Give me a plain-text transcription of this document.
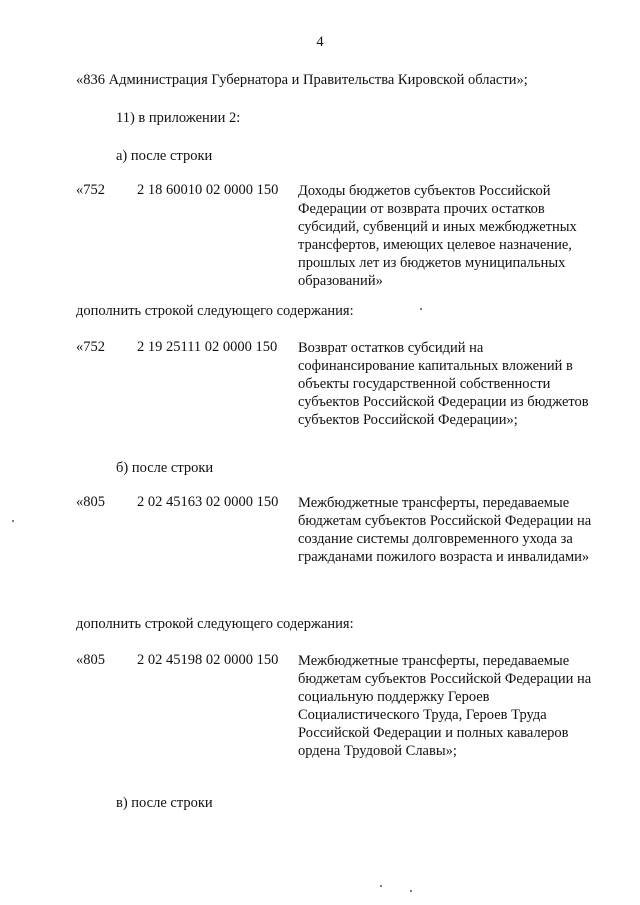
4
«836 Администрация Губернатора и Правительства Кировской области»;
11) в приложении 2:
а) после строки
«752 2 18 60010 02 0000 150 Доходы бюджетов субъектов Российской Федерации от возврата прочих остатков субсидий, субвенций и иных межбюджетных трансфертов, имеющих целевое назначение, прошлых лет из бюджетов муниципальных образований»
дополнить строкой следующего содержания:
«752 2 19 25111 02 0000 150 Возврат остатков субсидий на софинансирование капитальных вложений в объекты государственной собственности субъектов Российской Федерации из бюджетов субъектов Российской Федерации»;
б) после строки
«805 2 02 45163 02 0000 150 Межбюджетные трансферты, передаваемые бюджетам субъектов Российской Федерации на создание системы долговременного ухода за гражданами пожилого возраста и инвалидами»
дополнить строкой следующего содержания:
«805 2 02 45198 02 0000 150 Межбюджетные трансферты, передаваемые бюджетам субъектов Российской Федерации на социальную поддержку Героев Социалистического Труда, Героев Труда Российской Федерации и полных кавалеров ордена Трудовой Славы»;
в) после строки
